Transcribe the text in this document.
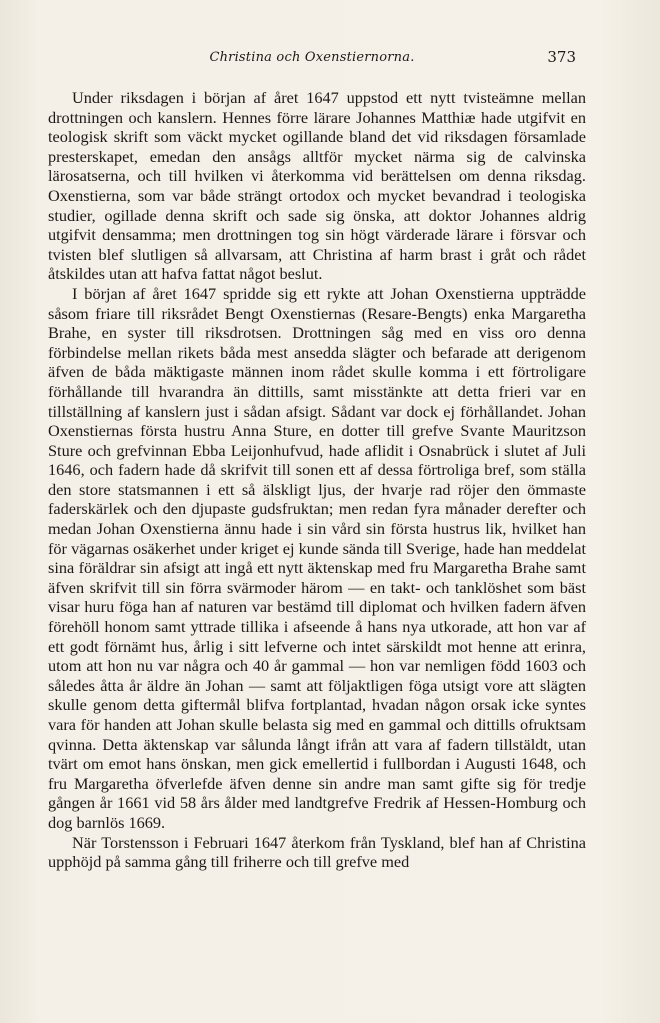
Christina och Oxenstiernorna.	373

Under riksdagen i början af året 1647 uppstod ett nytt tvisteämne mellan drottningen och kanslern. Hennes förre lärare Johannes Matthiæ hade utgifvit en teologisk skrift som väckt mycket ogillande bland det vid riksdagen församlade presterskapet, emedan den ansågs alltför mycket närma sig de calvinska lärosatserna, och till hvilken vi återkomma vid berättelsen om denna riksdag. Oxenstierna, som var både strängt ortodox och mycket bevandrad i teologiska studier, ogillade denna skrift och sade sig önska, att doktor Johannes aldrig utgifvit densamma; men drottningen tog sin högt värderade lärare i försvar och tvisten blef slutligen så allvarsam, att Christina af harm brast i gråt och rådet åtskildes utan att hafva fattat något beslut.

I början af året 1647 spridde sig ett rykte att Johan Oxenstierna uppträdde såsom friare till riksrådet Bengt Oxenstiernas (Resare-Bengts) enka Margaretha Brahe, en syster till riksdrotsen. Drottningen såg med en viss oro denna förbindelse mellan rikets båda mest ansedda slägter och befarade att derigenom äfven de båda mäktigaste männen inom rådet skulle komma i ett förtroligare förhållande till hvarandra än dittills, samt misstänkte att detta frieri var en tillställning af kanslern just i sådan afsigt. Sådant var dock ej förhållandet. Johan Oxenstiernas första hustru Anna Sture, en dotter till grefve Svante Mauritzson Sture och grefvinnan Ebba Leijonhufvud, hade aflidit i Osnabrück i slutet af Juli 1646, och fadern hade då skrifvit till sonen ett af dessa förtroliga bref, som ställa den store statsmannen i ett så älskligt ljus, der hvarje rad röjer den ömmaste faderskärlek och den djupaste gudsfruktan; men redan fyra månader derefter och medan Johan Oxenstierna ännu hade i sin vård sin första hustrus lik, hvilket han för vägarnas osäkerhet under kriget ej kunde sända till Sverige, hade han meddelat sina föräldrar sin afsigt att ingå ett nytt äktenskap med fru Margaretha Brahe samt äfven skrifvit till sin förra svärmoder härom — en takt- och tanklöshet som bäst visar huru föga han af naturen var bestämd till diplomat och hvilken fadern äfven förehöll honom samt yttrade tillika i afseende å hans nya utkorade, att hon var af ett godt förnämt hus, årlig i sitt lefverne och intet särskildt mot henne att erinra, utom att hon nu var några och 40 år gammal — hon var nemligen född 1603 och således åtta år äldre än Johan — samt att följaktligen föga utsigt vore att slägten skulle genom detta giftermål blifva fortplantad, hvadan någon orsak icke syntes vara för handen att Johan skulle belasta sig med en gammal och dittills ofruktsam qvinna. Detta äktenskap var sålunda långt ifrån att vara af fadern tillstäldt, utan tvärt om emot hans önskan, men gick emellertid i fullbordan i Augusti 1648, och fru Margaretha öfverlefde äfven denne sin andre man samt gifte sig för tredje gången år 1661 vid 58 års ålder med landtgrefve Fredrik af Hessen-Homburg och dog barnlös 1669.

När Torstensson i Februari 1647 återkom från Tyskland, blef han af Christina upphöjd på samma gång till friherre och till grefve med
